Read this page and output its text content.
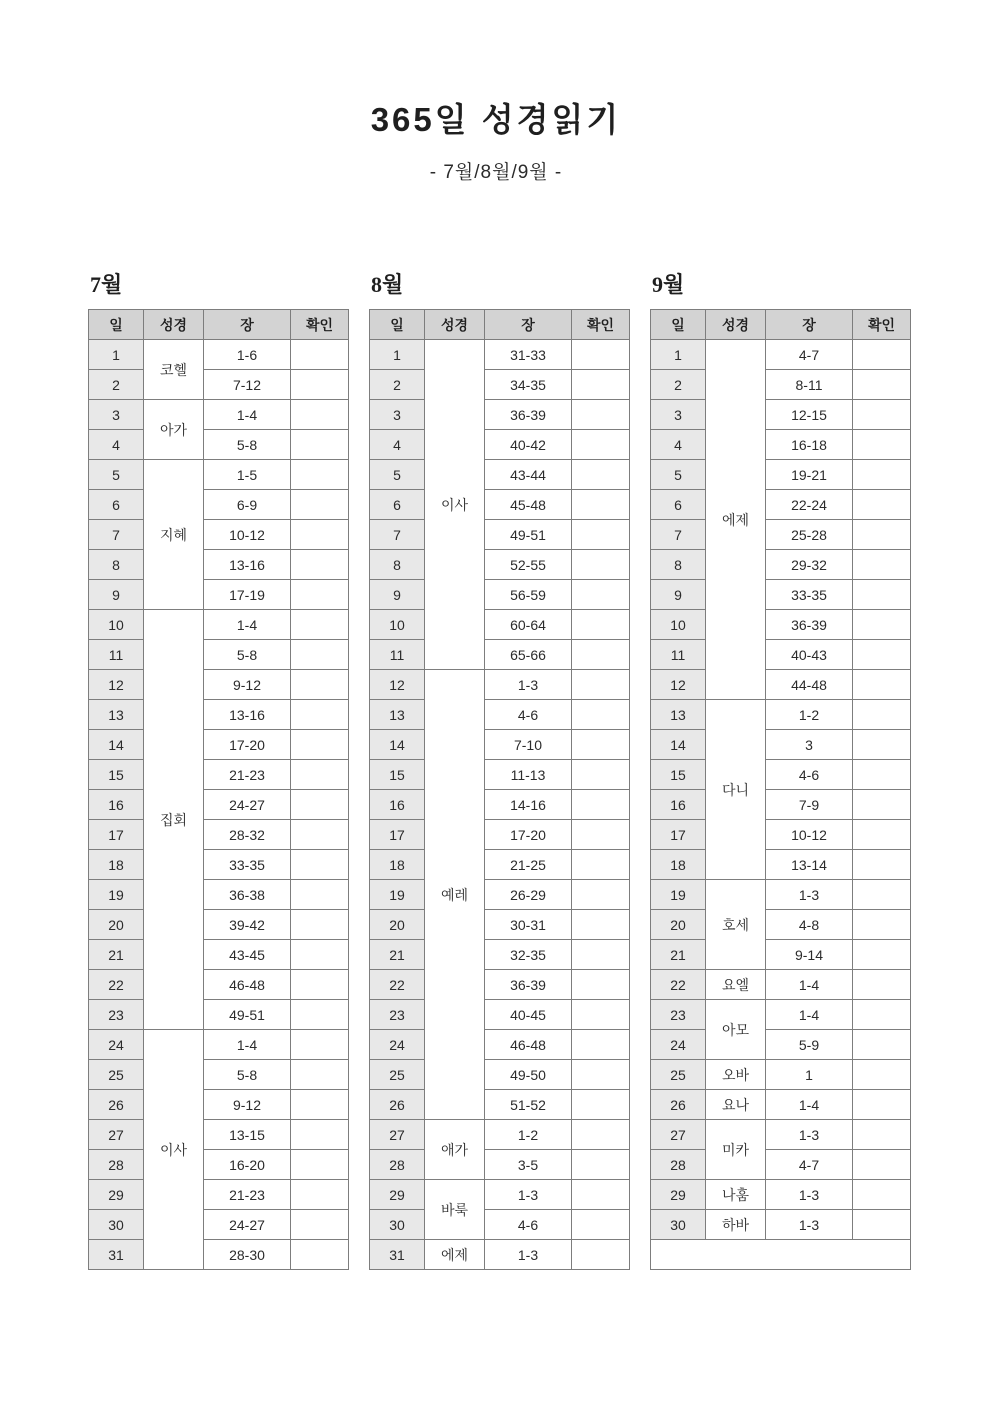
365일 성경읽기
- 7월/8월/9월 -
7월
일	성경	장	확인
1	코헬	1-6	
2		7-12	
3	아가	1-4	
4		5-8	
5	지혜	1-5	
6		6-9	
7		10-12	
8		13-16	
9		17-19	
10	집회	1-4	
11		5-8	
12		9-12	
13		13-16	
14		17-20	
15		21-23	
16		24-27	
17		28-32	
18		33-35	
19		36-38	
20		39-42	
21		43-45	
22		46-48	
23		49-51	
24	이사	1-4	
25		5-8	
26		9-12	
27		13-15	
28		16-20	
29		21-23	
30		24-27	
31		28-30	
8월
일	성경	장	확인
1	이사	31-33	
2		34-35	
3		36-39	
4		40-42	
5		43-44	
6		45-48	
7		49-51	
8		52-55	
9		56-59	
10		60-64	
11		65-66	
12	예레	1-3	
13		4-6	
14		7-10	
15		11-13	
16		14-16	
17		17-20	
18		21-25	
19		26-29	
20		30-31	
21		32-35	
22		36-39	
23		40-45	
24		46-48	
25		49-50	
26		51-52	
27	애가	1-2	
28		3-5	
29	바룩	1-3	
30		4-6	
31	에제	1-3	
9월
일	성경	장	확인
1	에제	4-7	
2		8-11	
3		12-15	
4		16-18	
5		19-21	
6		22-24	
7		25-28	
8		29-32	
9		33-35	
10		36-39	
11		40-43	
12		44-48	
13	다니	1-2	
14		3	
15		4-6	
16		7-9	
17		10-12	
18		13-14	
19	호세	1-3	
20		4-8	
21		9-14	
22	요엘	1-4	
23	아모	1-4	
24		5-9	
25	오바	1	
26	요나	1-4	
27	미카	1-3	
28		4-7	
29	나훔	1-3	
30	하바	1-3	
